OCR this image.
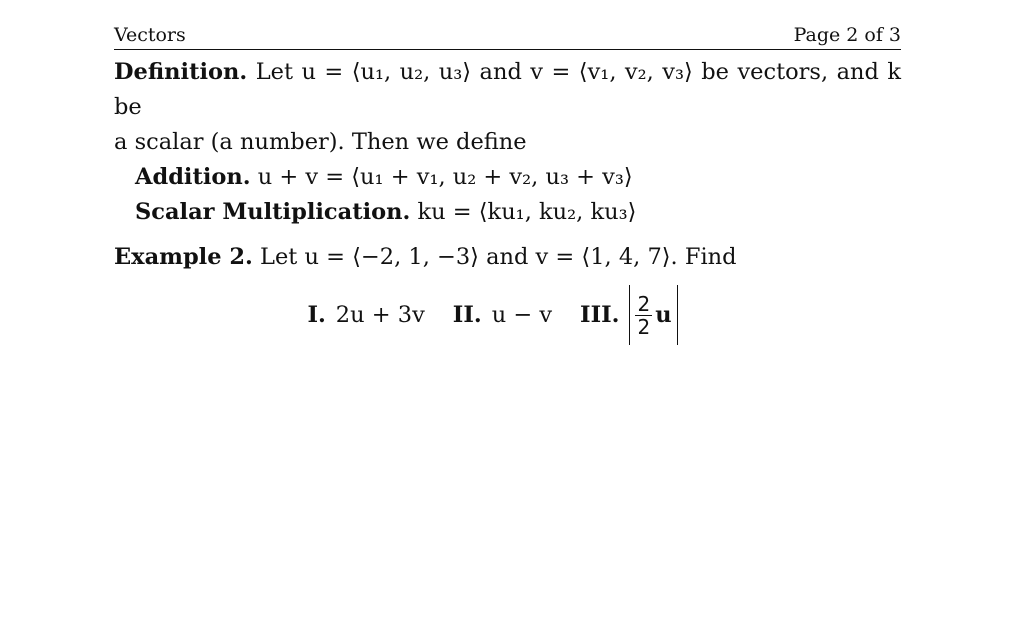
Vectors	Page 2 of 3
Definition. Let u = ⟨u₁, u₂, u₃⟩ and v = ⟨v₁, v₂, v₃⟩ be vectors, and k be
a scalar (a number). Then we define
Addition. u + v = ⟨u₁ + v₁, u₂ + v₂, u₃ + v₃⟩
Scalar Multiplication. ku = ⟨ku₁, ku₂, ku₃⟩
Example 2. Let u = ⟨−2, 1, −3⟩ and v = ⟨1, 4, 7⟩. Find
I. 2u + 3v II. u − v III. $\frac{2}{2}$ u
